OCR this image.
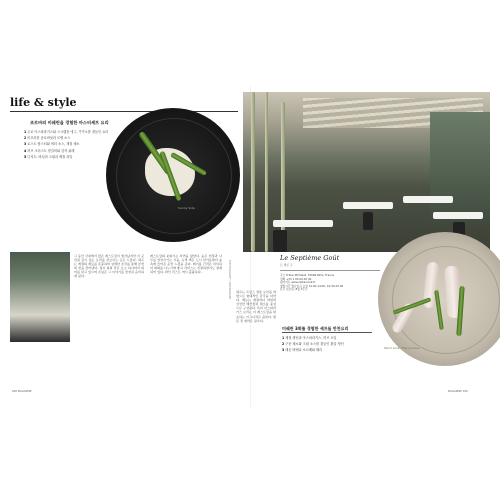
life & style
조르바의 미쉐린을 경험한 마스터셰프 요리
1 우로 아스파라거스와 스크램블 에그, 카카오를 곁들인 요리
2 미끄리한 송로버섯과 모렐 소스
3 로스트 랍스터와 버터 소스, 계절 채소
4 허브 크러스트 양갈비와 감자 퓌레
5 디저트: 바닐라 크림과 제철 과일
Sunny Side
그 동안 국내에서 많은 레스토랑이 생겨났지만 이 곳만큼 깊이 있는 요리를 선보이는 곳은 드물다. 셰프는 계절의 재료를 존중하며 섬세한 조리를 통해 본연의 맛을 끌어낸다. 접시 위의 작은 요소 하나까지 의미를 담고 있으며 손님은 그 이야기를 천천히 음미하게 된다.
레스토랑의 분위기는 자연을 닮았다. 높은 천장과 나무를 연상시키는 기둥, 녹색 벽은 도시 한가운데서 숲속에 들어온 듯한 느낌을 준다. 테이블 간격은 넉넉하여 대화를 나누기에 좋고 서비스는 친절하면서도 절제되어 있다. 와인 리스트 역시 훌륭하다.
셰프는 프랑스 정통 요리를 바탕으로 현대적인 감각을 더한다. 메뉴는 계절마다 바뀌며 신선한 해산물과 채소를 중심으로 구성된다. 특히 아스파라거스 요리는 이 레스토랑을 대표하는 시그니처로 꼽힌다. 방문 전 예약은 필수다.
PHOTOGRAPHY / RESTAURANT
Le Septième Goût
르 세븐 구
주소 8 Rue Michelet, 75006 Paris, France
전화 +33 1 00 00 00 00
웹사이트 www.restaurant.fr
영업시간 월요일-토요일 12:00-14:00, 19:30-22:00
휴무 일요일, 8월 3주간
Wood Grain, Fish & Green
미쉐린 3회를 경험한 셰프들 만찬요리
1 제철 생선과 아스파라거스, 허브 오일
2 구운 채소와 크림 소스를 곁들인 흰살 생선
3 레몬 버베나 소르베와 베리
048 MAGAZINE	MAGAZINE 049
